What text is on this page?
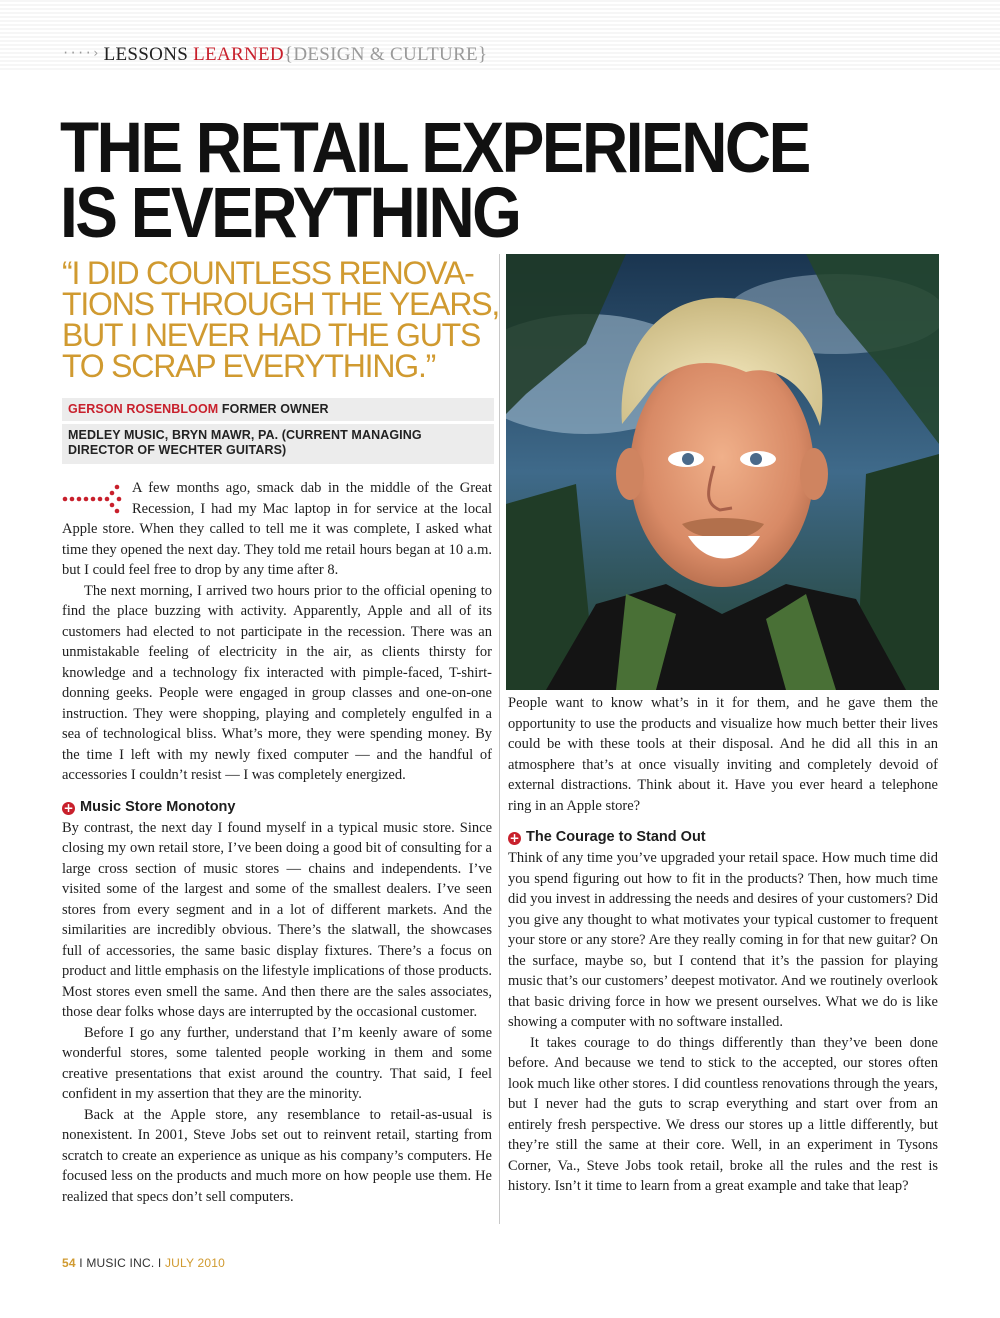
····› LESSONS LEARNED{DESIGN & CULTURE}
THE RETAIL EXPERIENCE
IS EVERYTHING
“I DID COUNTLESS RENOVA-
TIONS THROUGH THE YEARS,
BUT I NEVER HAD THE GUTS
TO SCRAP EVERYTHING.”
GERSON ROSENBLOOM FORMER OWNER
MEDLEY MUSIC, BRYN MAWR, PA. (CURRENT MANAGING DIRECTOR OF WECHTER GUITARS)

A few months ago, smack dab in the middle of the Great Recession, I had my Mac laptop in for service at the local Apple store. When they called to tell me it was complete, I asked what time they opened the next day. They told me retail hours began at 10 a.m. but I could feel free to drop by any time after 8.

The next morning, I arrived two hours prior to the official opening to find the place buzzing with activity. Apparently, Apple and all of its customers had elected to not participate in the recession. There was an unmistakable feeling of electricity in the air, as clients thirsty for knowledge and a technology fix interacted with pimple-faced, T-shirt-donning geeks. People were engaged in group classes and one-on-one instruction. They were shopping, playing and completely engulfed in a sea of technological bliss. What’s more, they were spending money. By the time I left with my newly fixed computer — and the handful of accessories I couldn’t resist — I was completely energized.

+ Music Store Monotony

By contrast, the next day I found myself in a typical music store. Since closing my own retail store, I’ve been doing a good bit of consulting for a large cross section of music stores — chains and independents. I’ve visited some of the largest and some of the smallest dealers. I’ve seen stores from every segment and in a lot of different markets. And the similarities are incredibly obvious. There’s the slatwall, the showcases full of accessories, the same basic display fixtures. There’s a focus on product and little emphasis on the lifestyle implications of those products. Most stores even smell the same. And then there are the sales associates, those dear folks whose days are interrupted by the occasional customer.

Before I go any further, understand that I’m keenly aware of some wonderful stores, some talented people working in them and some creative presentations that exist around the country. That said, I feel confident in my assertion that they are the minority.

Back at the Apple store, any resemblance to retail-as-usual is nonexistent. In 2001, Steve Jobs set out to reinvent retail, starting from scratch to create an experience as unique as his company’s computers. He focused less on the products and much more on how people use them. He realized that specs don’t sell computers.

People want to know what’s in it for them, and he gave them the opportunity to use the products and visualize how much better their lives could be with these tools at their disposal. And he did all this in an atmosphere that’s at once visually inviting and completely devoid of external distractions. Think about it. Have you ever heard a telephone ring in an Apple store?

+ The Courage to Stand Out

Think of any time you’ve upgraded your retail space. How much time did you spend figuring out how to fit in the products? Then, how much time did you invest in addressing the needs and desires of your customers? Did you give any thought to what motivates your typical customer to frequent your store or any store? Are they really coming in for that new guitar? On the surface, maybe so, but I contend that it’s the passion for playing music that’s our customers’ deepest motivator. And we routinely overlook that basic driving force in how we present ourselves. What we do is like showing a computer with no software installed.

It takes courage to do things differently than they’ve been done before. And because we tend to stick to the accepted, our stores often look much like other stores. I did countless renovations through the years, but I never had the guts to scrap everything and start over from an entirely fresh perspective. We dress our stores up a little differently, but they’re still the same at their core. Well, in an experiment in Tysons Corner, Va., Steve Jobs took retail, broke all the rules and the rest is history. Isn’t it time to learn from a great example and take that leap?

54 I MUSIC INC. I JULY 2010
